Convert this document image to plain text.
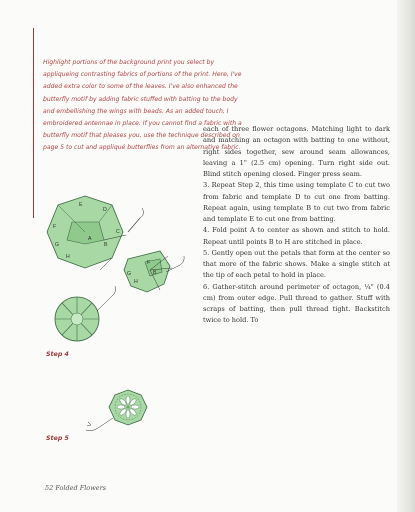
Highlight portions of the background print you select by appliqueing contrasting fabrics of portions of the print. Here, I've added extra color to some of the leaves. I've also enhanced the butterfly motif by adding fabric stuffed with batting to the body and embellishing the wings with beads. As an added touch, I embroidered antennae in place. If you cannot find a fabric with a butterfly motif that pleases you, use the technique described on page 5 to cut and appliqué butterflies from an alternative fabric.

each of three flower octagons. Matching light to dark and matching an octagon with batting to one without, right sides together, sew around seam allowances, leaving a 1" (2.5 cm) opening. Turn right side out. Blind stitch opening closed. Finger press seam.

3. Repeat Step 2, this time using template C to cut two from fabric and template D to cut one from batting. Repeat again, using template B to cut two from fabric and template E to cut one from batting.

4. Fold point A to center as shown and stitch to hold. Repeat until points B to H are stitched in place.

5. Gently open out the petals that form at the center so that more of the fabric shows. Make a single stitch at the tip of each petal to hold in place.

6. Gather-stitch around perimeter of octagon, ¼" (0.4 cm) from outer edge. Pull thread to gather. Stuff with scraps of batting, then pull thread tight. Backstitch twice to hold. To

E
D
C
F
A
B
G
H
F
G	B
H
Step 4
Step 5
52 Folded Flowers
